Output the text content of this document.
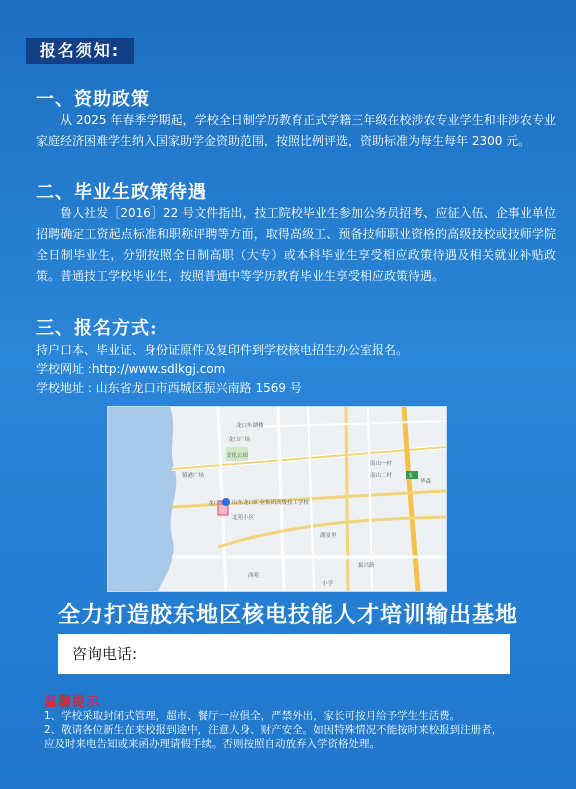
报名须知:
一、资助政策
从 2025 年春季学期起，学校全日制学历教育正式学籍三年级在校涉农专业学生和非涉农专业家庭经济困难学生纳入国家助学金资助范围，按照比例评选，资助标准为每生每年 2300 元。
二、毕业生政策待遇
鲁人社发［2016］22 号文件指出，技工院校毕业生参加公务员招考、应征入伍、企事业单位招聘确定工资起点标准和职称评聘等方面，取得高级工、预备技师职业资格的高级技校或技师学院全日制毕业生，分别按照全日制高职（大专）或本科毕业生享受相应政策待遇及相关就业补贴政策。普通技工学校毕业生，按照普通中等学历教育毕业生享受相应政策待遇。
三、报名方式:
持户口本、毕业证、身份证原件及复印件到学校核电招生办公室报名。
学校网址 :http://www.sdlkgj.com
学校地址 : 山东省龙口市西城区振兴南路 1569 号
S
龙口广场
文化公园
镇港广场
龙口站 山东龙口矿业集团高级技工学校
龙口东湖楼
南山一村
南山二村
华森
北苑小区
湖景里
振兴路
西苑
小学
全力打造胶东地区核电技能人才培训输出基地
咨询电话:
温馨提示
1、学校采取封闭式管理，超市、餐厅一应俱全，严禁外出，家长可按月给予学生生活费。
2、敬请各位新生在来校报到途中，注意人身、财产安全。如因特殊情况不能按时来校报到注册者，
应及时来电告知或来函办理请假手续。否则按照自动放弃入学资格处理。
